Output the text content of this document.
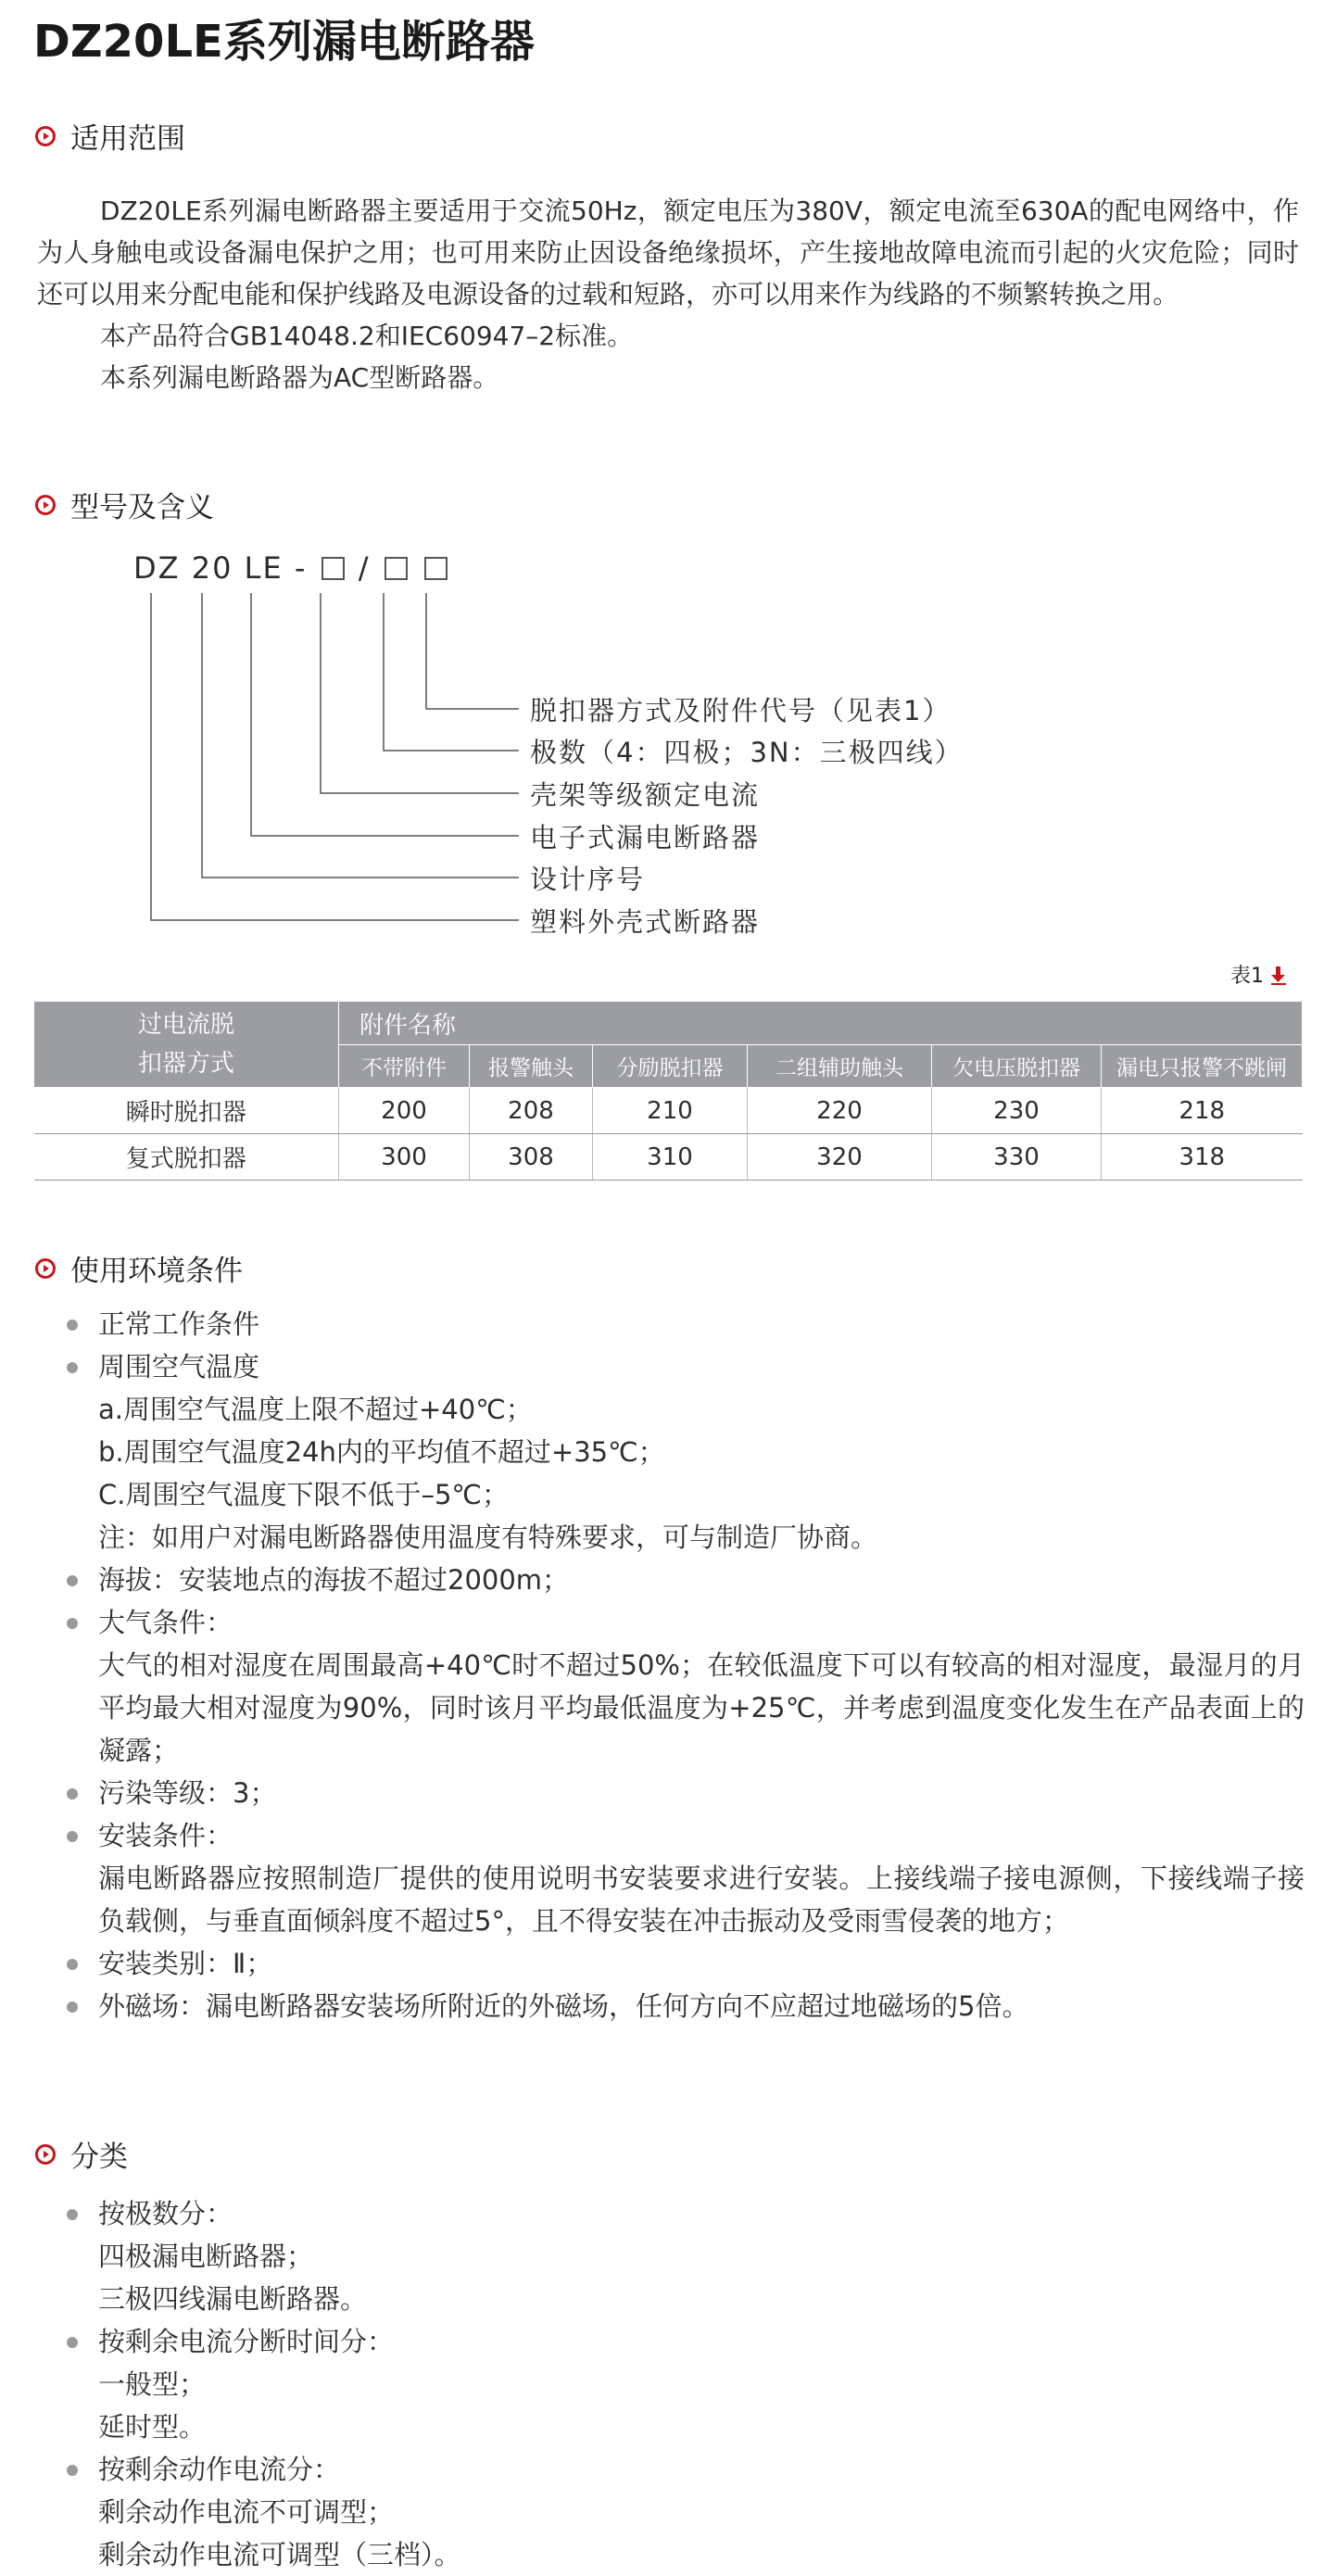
DZ20LE系列漏电断路器
适用范围

DZ20LE系列漏电断路器主要适用于交流50Hz，额定电压为380V，额定电流至630A的配电网络中，作为人身触电或设备漏电保护之用；也可用来防止因设备绝缘损坏，产生接地故障电流而引起的火灾危险；同时还可以用来分配电能和保护线路及电源设备的过载和短路，亦可以用来作为线路的不频繁转换之用。

本产品符合GB14048.2和IEC60947–2标准。

本系列漏电断路器为AC型断路器。

型号及含义
DZ 20 LE - /
脱扣器方式及附件代号（见表1）
极数（4：四极；3N：三极四线）
壳架等级额定电流
电子式漏电断路器
设计序号
塑料外壳式断路器
表1
过电流脱
扣器方式	附件名称					
	不带附件	报警触头	分励脱扣器	二组辅助触头	欠电压脱扣器	漏电只报警不跳闸
瞬时脱扣器	200	208	210	220	230	218
复式脱扣器	300	308	310	320	330	318
使用环境条件
正常工作条件
周围空气温度
a.周围空气温度上限不超过+40℃；
b.周围空气温度24h内的平均值不超过+35℃；
C.周围空气温度下限不低于–5℃；
注：如用户对漏电断路器使用温度有特殊要求，可与制造厂协商。
海拔：安装地点的海拔不超过2000m；
大气条件：
大气的相对湿度在周围最高+40℃时不超过50%；在较低温度下可以有较高的相对湿度，最湿月的月平均最大相对湿度为90%，同时该月平均最低温度为+25℃，并考虑到温度变化发生在产品表面上的凝露；
污染等级：3；
安装条件：
漏电断路器应按照制造厂提供的使用说明书安装要求进行安装。上接线端子接电源侧，下接线端子接负载侧，与垂直面倾斜度不超过5°，且不得安装在冲击振动及受雨雪侵袭的地方；
安装类别：Ⅱ；
外磁场：漏电断路器安装场所附近的外磁场，任何方向不应超过地磁场的5倍。
分类
按极数分：
四极漏电断路器；
三极四线漏电断路器。
按剩余电流分断时间分：
一般型；
延时型。
按剩余动作电流分：
剩余动作电流不可调型；
剩余动作电流可调型（三档）。
